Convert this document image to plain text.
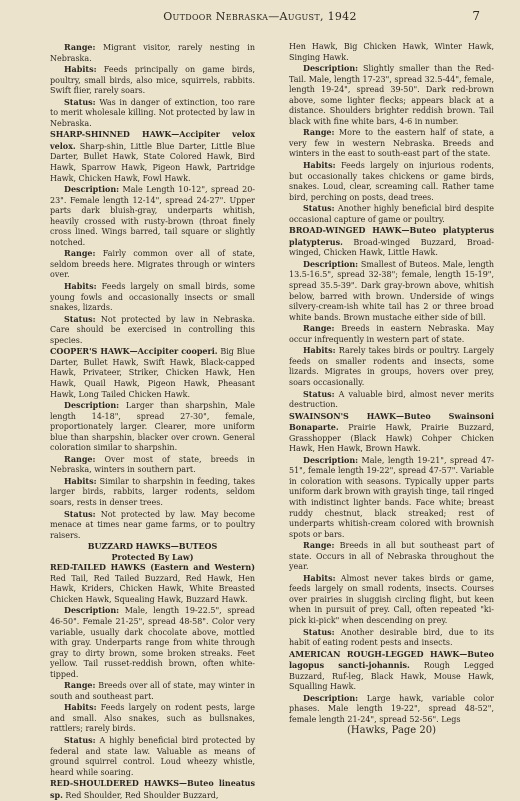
Outdoor Nebraska—August, 1942	7

Range: Migrant visitor, rarely nesting in Nebraska.

Habits: Feeds principally on game birds, poultry, small birds, also mice, squirrels, rabbits. Swift flier, rarely soars.

Status: Was in danger of extinction, too rare to merit wholesale killing. Not protected by law in Nebraska.

SHARP-SHINNED HAWK—Accipiter velox velox. Sharp-shin, Little Blue Darter, Little Blue Darter, Bullet Hawk, State Colored Hawk, Bird Hawk, Sparrow Hawk, Pigeon Hawk, Partridge Hawk, Chicken Hawk, Fowl Hawk.

Description: Male Length 10-12", spread 20-23". Female length 12-14", spread 24-27". Upper parts dark bluish-gray, underparts whitish, heavily crossed with rusty-brown (throat finely cross lined. Wings barred, tail square or slightly notched.

Range: Fairly common over all of state, seldom breeds here. Migrates through or winters over.

Habits: Feeds largely on small birds, some young fowls and occasionally insects or small snakes, lizards.

Status: Not protected by law in Nebraska. Care should be exercised in controlling this species.

COOPER'S HAWK—Accipiter cooperi. Big Blue Darter, Bullet Hawk, Swift Hawk, Black-capped Hawk, Privateer, Striker, Chicken Hawk, Hen Hawk, Quail Hawk, Pigeon Hawk, Pheasant Hawk, Long Tailed Chicken Hawk.

Description: Larger than sharpshin, Male length 14-18", spread 27-30", female, proportionately larger. Clearer, more uniform blue than sharpshin, blacker over crown. General coloration similar to sharpshin.

Range: Over most of state, breeds in Nebraska, winters in southern part.

Habits: Similar to sharpshin in feeding, takes larger birds, rabbits, larger rodents, seldom soars, rests in denser trees.

Status: Not protected by law. May become menace at times near game farms, or to poultry raisers.

BUZZARD HAWKS—BUTEOS

Protected By Law)

RED-TAILED HAWKS (Eastern and Western) Red Tail, Red Tailed Buzzard, Red Hawk, Hen Hawk, Kriders, Chicken Hawk, White Breasted Chicken Hawk, Squealing Hawk, Buzzard Hawk.

Description: Male, length 19-22.5", spread 46-50". Female 21-25", spread 48-58". Color very variable, usually dark chocolate above, mottled with gray. Underparts range from white through gray to dirty brown, some broken streaks. Feet yellow. Tail russet-reddish brown, often white-tipped.

Range: Breeds over all of state, may winter in south and southeast part.

Habits: Feeds largely on rodent pests, large and small. Also snakes, such as bullsnakes, rattlers; rarely birds.

Status: A highly beneficial bird protected by federal and state law. Valuable as means of ground squirrel control. Loud wheezy whistle, heard while soaring.

RED-SHOULDERED HAWKS—Buteo lineatus sp. Red Shoulder, Red Shoulder Buzzard,

Hen Hawk, Big Chicken Hawk, Winter Hawk, Singing Hawk.

Description: Slightly smaller than the Red-Tail. Male, length 17-23", spread 32.5-44", female, length 19-24", spread 39-50". Dark red-brown above, some lighter flecks; appears black at a distance. Shoulders brighter reddish brown. Tail black with fine white bars, 4-6 in number.

Range: More to the eastern half of state, a very few in western Nebraska. Breeds and winters in the east to south-east part of the state.

Habits: Feeds largely on injurious rodents, but occasionally takes chickens or game birds, snakes. Loud, clear, screaming call. Rather tame bird, perching on posts, dead trees.

Status: Another highly beneficial bird despite occasional capture of game or poultry.

BROAD-WINGED HAWK—Buteo platypterus platypterus. Broad-winged Buzzard, Broad-winged, Chicken Hawk, Little Hawk.

Description: Smallest of Buteos. Male, length 13.5-16.5", spread 32-38"; female, length 15-19", spread 35.5-39". Dark gray-brown above, whitish below, barred with brown. Underside of wings silvery-cream-ish white tail has 2 or three broad white bands. Brown mustache either side of bill.

Range: Breeds in eastern Nebraska. May occur infrequently in western part of state.

Habits: Rarely takes birds or poultry. Largely feeds on smaller rodents and insects, some lizards. Migrates in groups, hovers over prey, soars occasionally.

Status: A valuable bird, almost never merits destruction.

SWAINSON'S HAWK—Buteo Swainsoni Bonaparte. Prairie Hawk, Prairie Buzzard, Grasshopper (Black Hawk) Cohper Chicken Hawk, Hen Hawk, Brown Hawk.

Description: Male, length 19-21", spread 47-51", female length 19-22", spread 47-57". Variable in coloration with seasons. Typically upper parts uniform dark brown with grayish tinge, tail ringed with indistinct lighter bands. Face white; breast ruddy chestnut, black streaked; rest of underparts whitish-cream colored with brownish spots or bars.

Range: Breeds in all but southeast part of state. Occurs in all of Nebraska throughout the year.

Habits: Almost never takes birds or game, feeds largely on small rodents, insects. Courses over prairies in sluggish circling flight, but keen when in pursuit of prey. Call, often repeated "ki-pick ki-pick" when descending on prey.

Status: Another desirable bird, due to its habit of eating rodent pests and insects.

AMERICAN ROUGH-LEGGED HAWK—Buteo lagopus sancti-johannis. Rough Legged Buzzard, Ruf-leg, Black Hawk, Mouse Hawk, Squalling Hawk.

Description: Large hawk, variable color phases. Male length 19-22", spread 48-52", female length 21-24", spread 52-56". Legs

(Hawks, Page 20)
